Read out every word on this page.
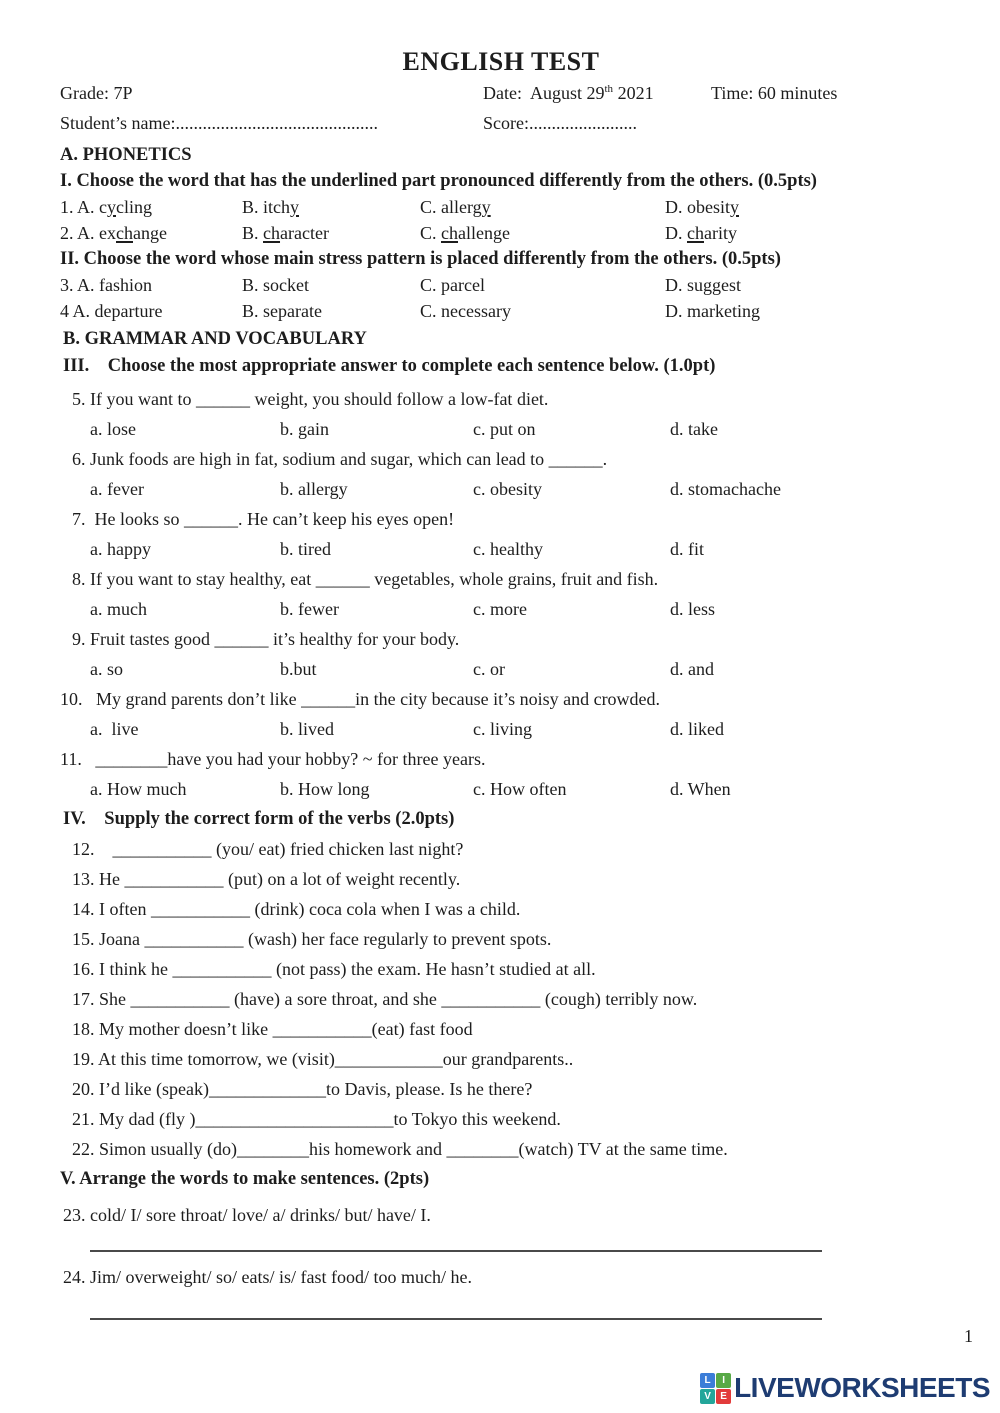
ENGLISH TEST
Grade: 7P	Date:  August 29th 2021	Time: 60 minutes
Student’s name:.............................................	Score:........................
A. PHONETICS
I. Choose the word that has the underlined part pronounced differently from the others. (0.5pts)
1. A. cycling	B. itchy	C. allergy	D. obesity
2. A. exchange	B. character	C. challenge	D. charity
II. Choose the word whose main stress pattern is placed differently from the others. (0.5pts)
3. A. fashion	B. socket	C. parcel	D. suggest
4 A. departure	B. separate	C. necessary	D. marketing
B. GRAMMAR AND VOCABULARY
III.    Choose the most appropriate answer to complete each sentence below. (1.0pt)
5. If you want to ______ weight, you should follow a low-fat diet.
a. lose	b. gain	c. put on	d. take
6. Junk foods are high in fat, sodium and sugar, which can lead to ______.
a. fever	b. allergy	c. obesity	d. stomachache
7.  He looks so ______. He can’t keep his eyes open!
a. happy	b. tired	c. healthy	d. fit
8. If you want to stay healthy, eat ______ vegetables, whole grains, fruit and fish.
a. much	b. fewer	c. more	d. less
9. Fruit tastes good ______ it’s healthy for your body.
a. so	b.but	c. or	d. and
10.   My grand parents don’t like ______in the city because it’s noisy and crowded.
a.  live	b. lived	c. living	d. liked
11.   ________have you had your hobby? ~ for three years.
a. How much	b. How long	c. How often	d. When
IV.    Supply the correct form of the verbs (2.0pts)
12.    ___________ (you/ eat) fried chicken last night?
13. He ___________ (put) on a lot of weight recently.
14. I often ___________ (drink) coca cola when I was a child.
15. Joana ___________ (wash) her face regularly to prevent spots.
16. I think he ___________ (not pass) the exam. He hasn’t studied at all.
17. She ___________ (have) a sore throat, and she ___________ (cough) terribly now.
18. My mother doesn’t like ___________(eat) fast food
19. At this time tomorrow, we (visit)____________our grandparents..
20. I’d like (speak)_____________to Davis, please. Is he there?
21. My dad (fly )______________________to Tokyo this weekend.
22. Simon usually (do)________his homework and ________(watch) TV at the same time.
V. Arrange the words to make sentences. (2pts)
23. cold/ I/ sore throat/ love/ a/ drinks/ but/ have/ I.
24. Jim/ overweight/ so/ eats/ is/ fast food/ too much/ he.
1
L	I
V E LIVEWORKSHEETS
